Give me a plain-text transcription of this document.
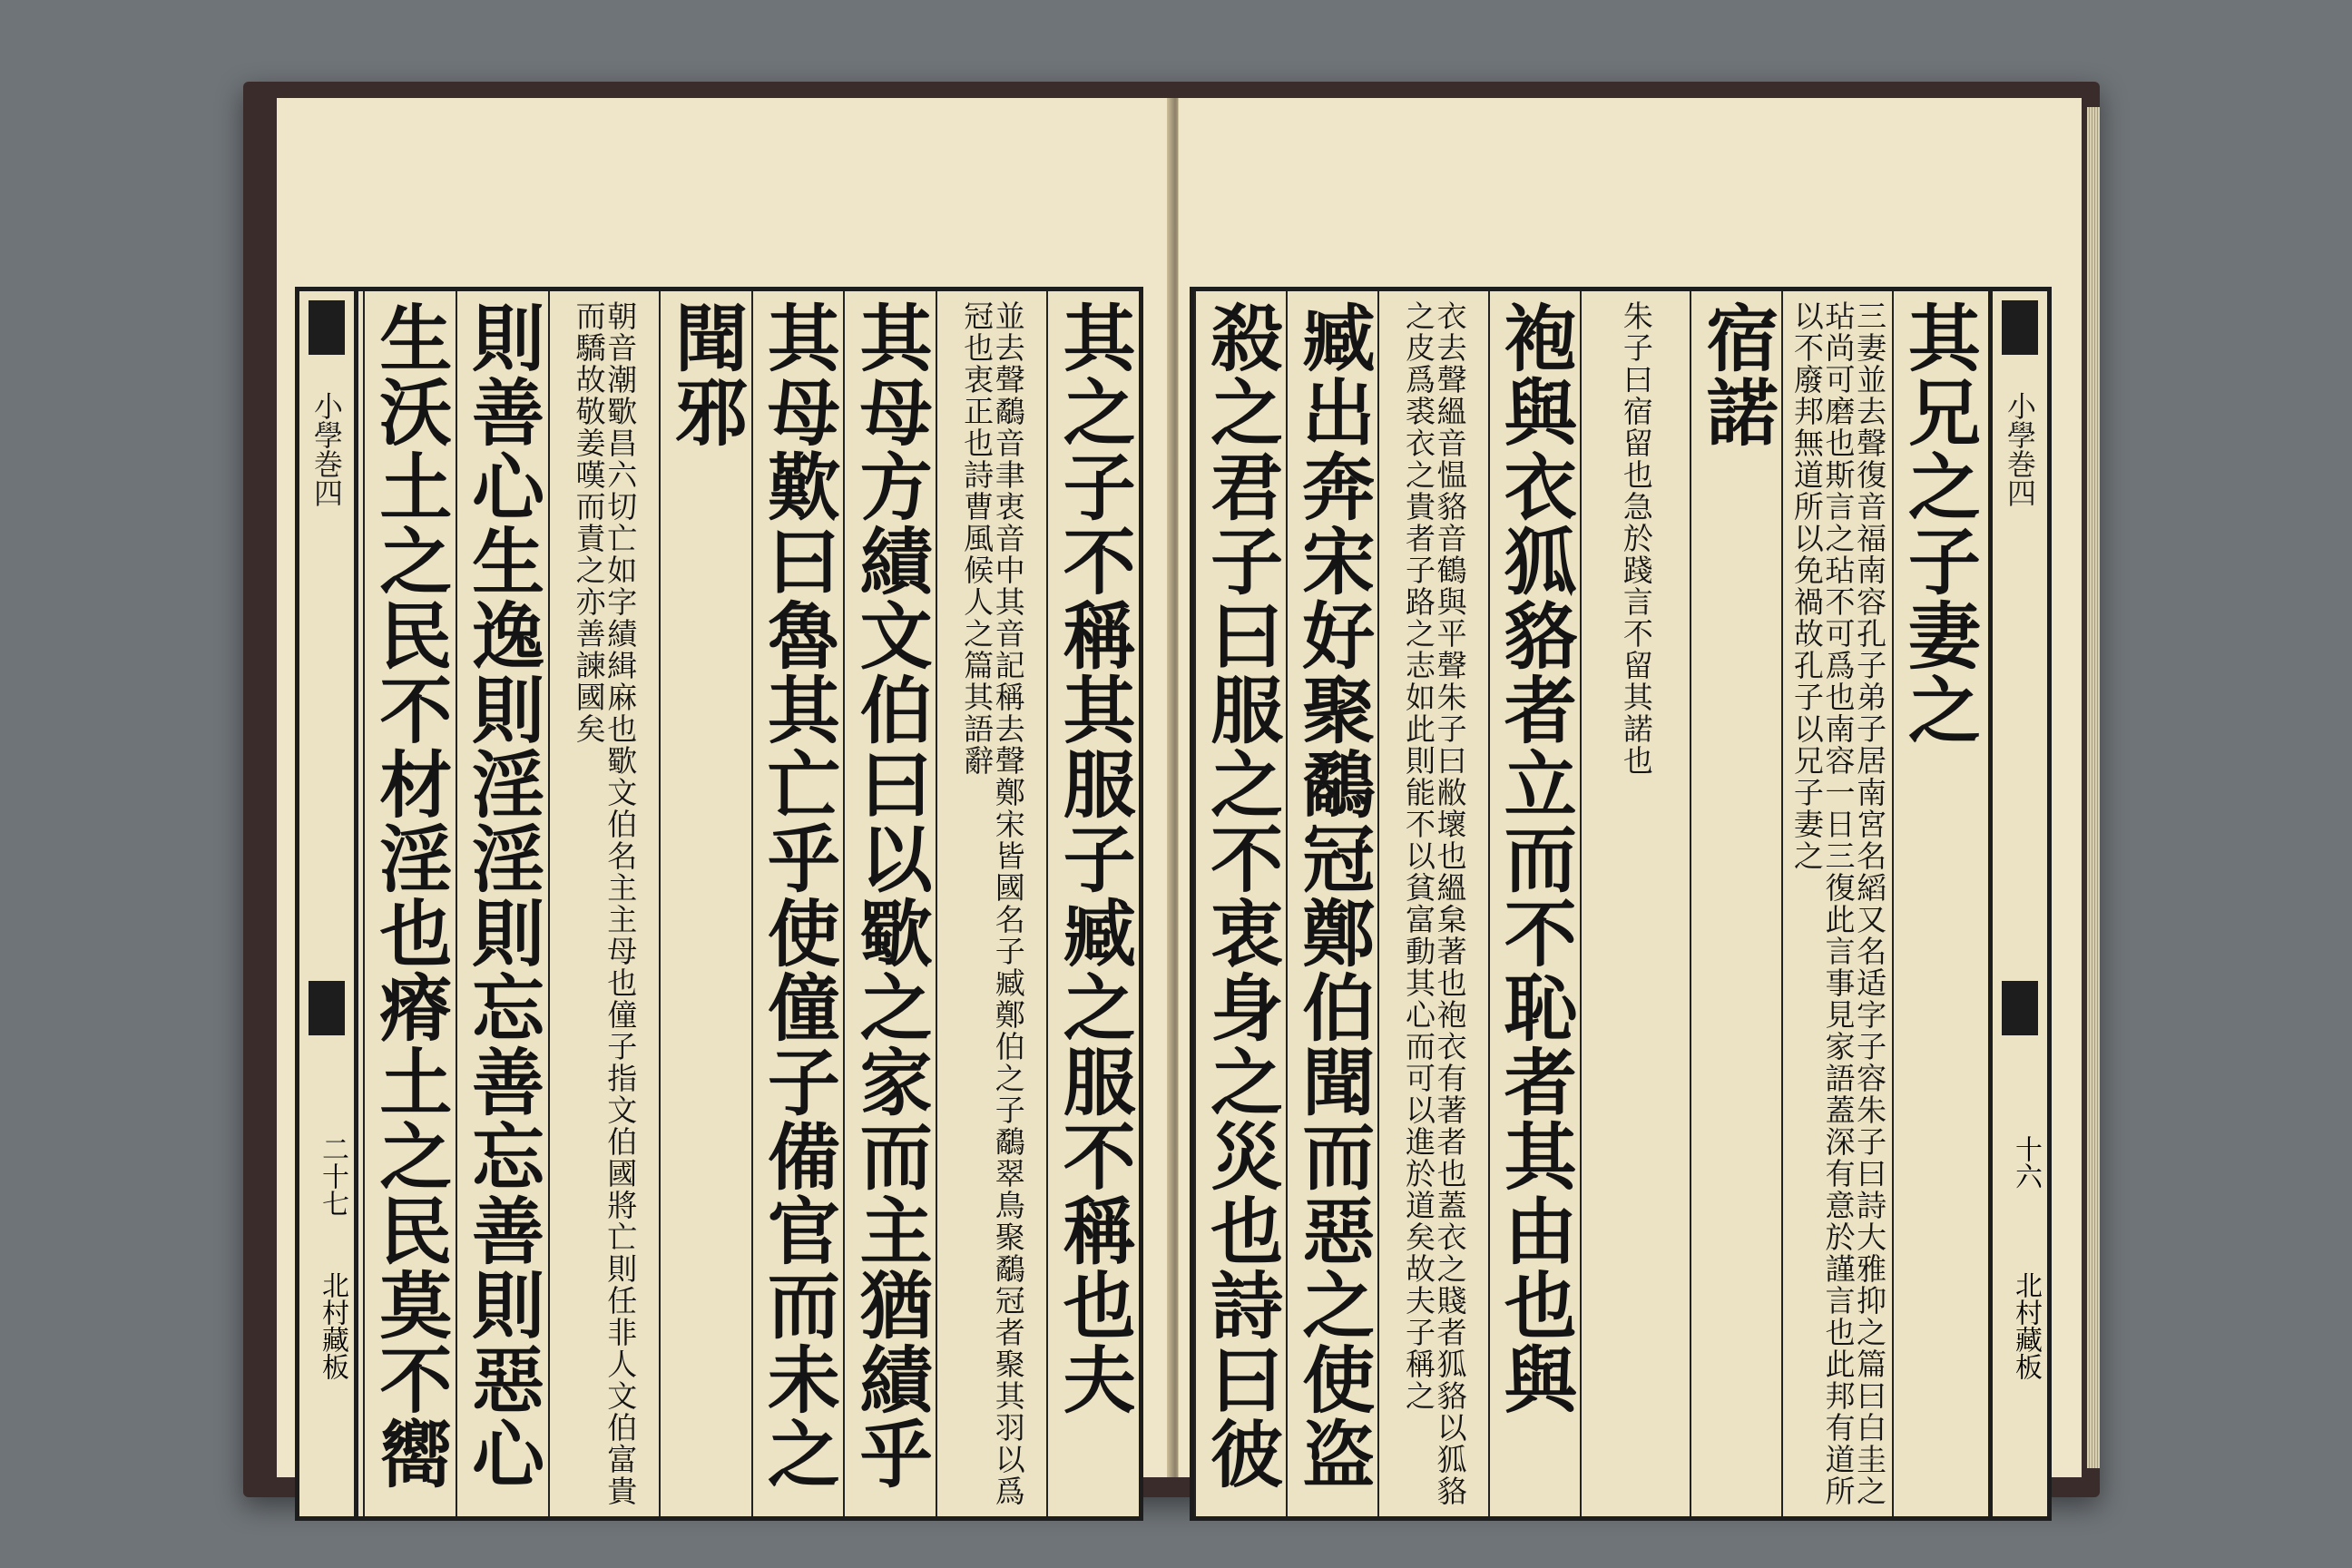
其之子不稱其服子臧之服不稱也夫
並去聲鷸音聿衷音中其音記稱去聲鄭宋皆國名子臧鄭伯之子鷸翠鳥聚鷸冠者聚其羽以爲冠也衷正也詩曹風候人之篇其語辭
其母方績文伯曰以歜之家而主猶績乎
其母歎曰魯其亡乎使僮子備官而未之
聞邪
朝音潮歜昌六切亡如字績緝麻也歜文伯名主主母也僮子指文伯國將亡則任非人文伯富貴而驕故敬姜嘆而責之亦善諫國矣
則善心生逸則淫淫則忘善忘善則惡心
生沃土之民不材淫也瘠土之民莫不嚮
小學巻四
二十七
北村藏板
其兄之子妻之
三妻並去聲復音福南容孔子弟子居南宮名縚又名适字子容朱子曰詩大雅抑之篇曰白圭之玷尚可磨也斯言之玷不可爲也南容一日三復此言事見家語蓋深有意於謹言也此邦有道所以不廢邦無道所以免禍故孔子以兄子妻之
宿諾
朱子曰宿留也急於踐言不留其諾也
袍與衣狐貉者立而不恥者其由也與
衣去聲縕音愠貉音鶴與平聲朱子曰敝壞也縕枲著也袍衣有著者也蓋衣之賤者狐貉以狐貉之皮爲裘衣之貴者子路之志如此則能不以貧富動其心而可以進於道矣故夫子稱之
臧出奔宋好聚鷸冠鄭伯聞而惡之使盗
殺之君子曰服之不衷身之災也詩曰彼	小學巻四
十六
北村藏板
